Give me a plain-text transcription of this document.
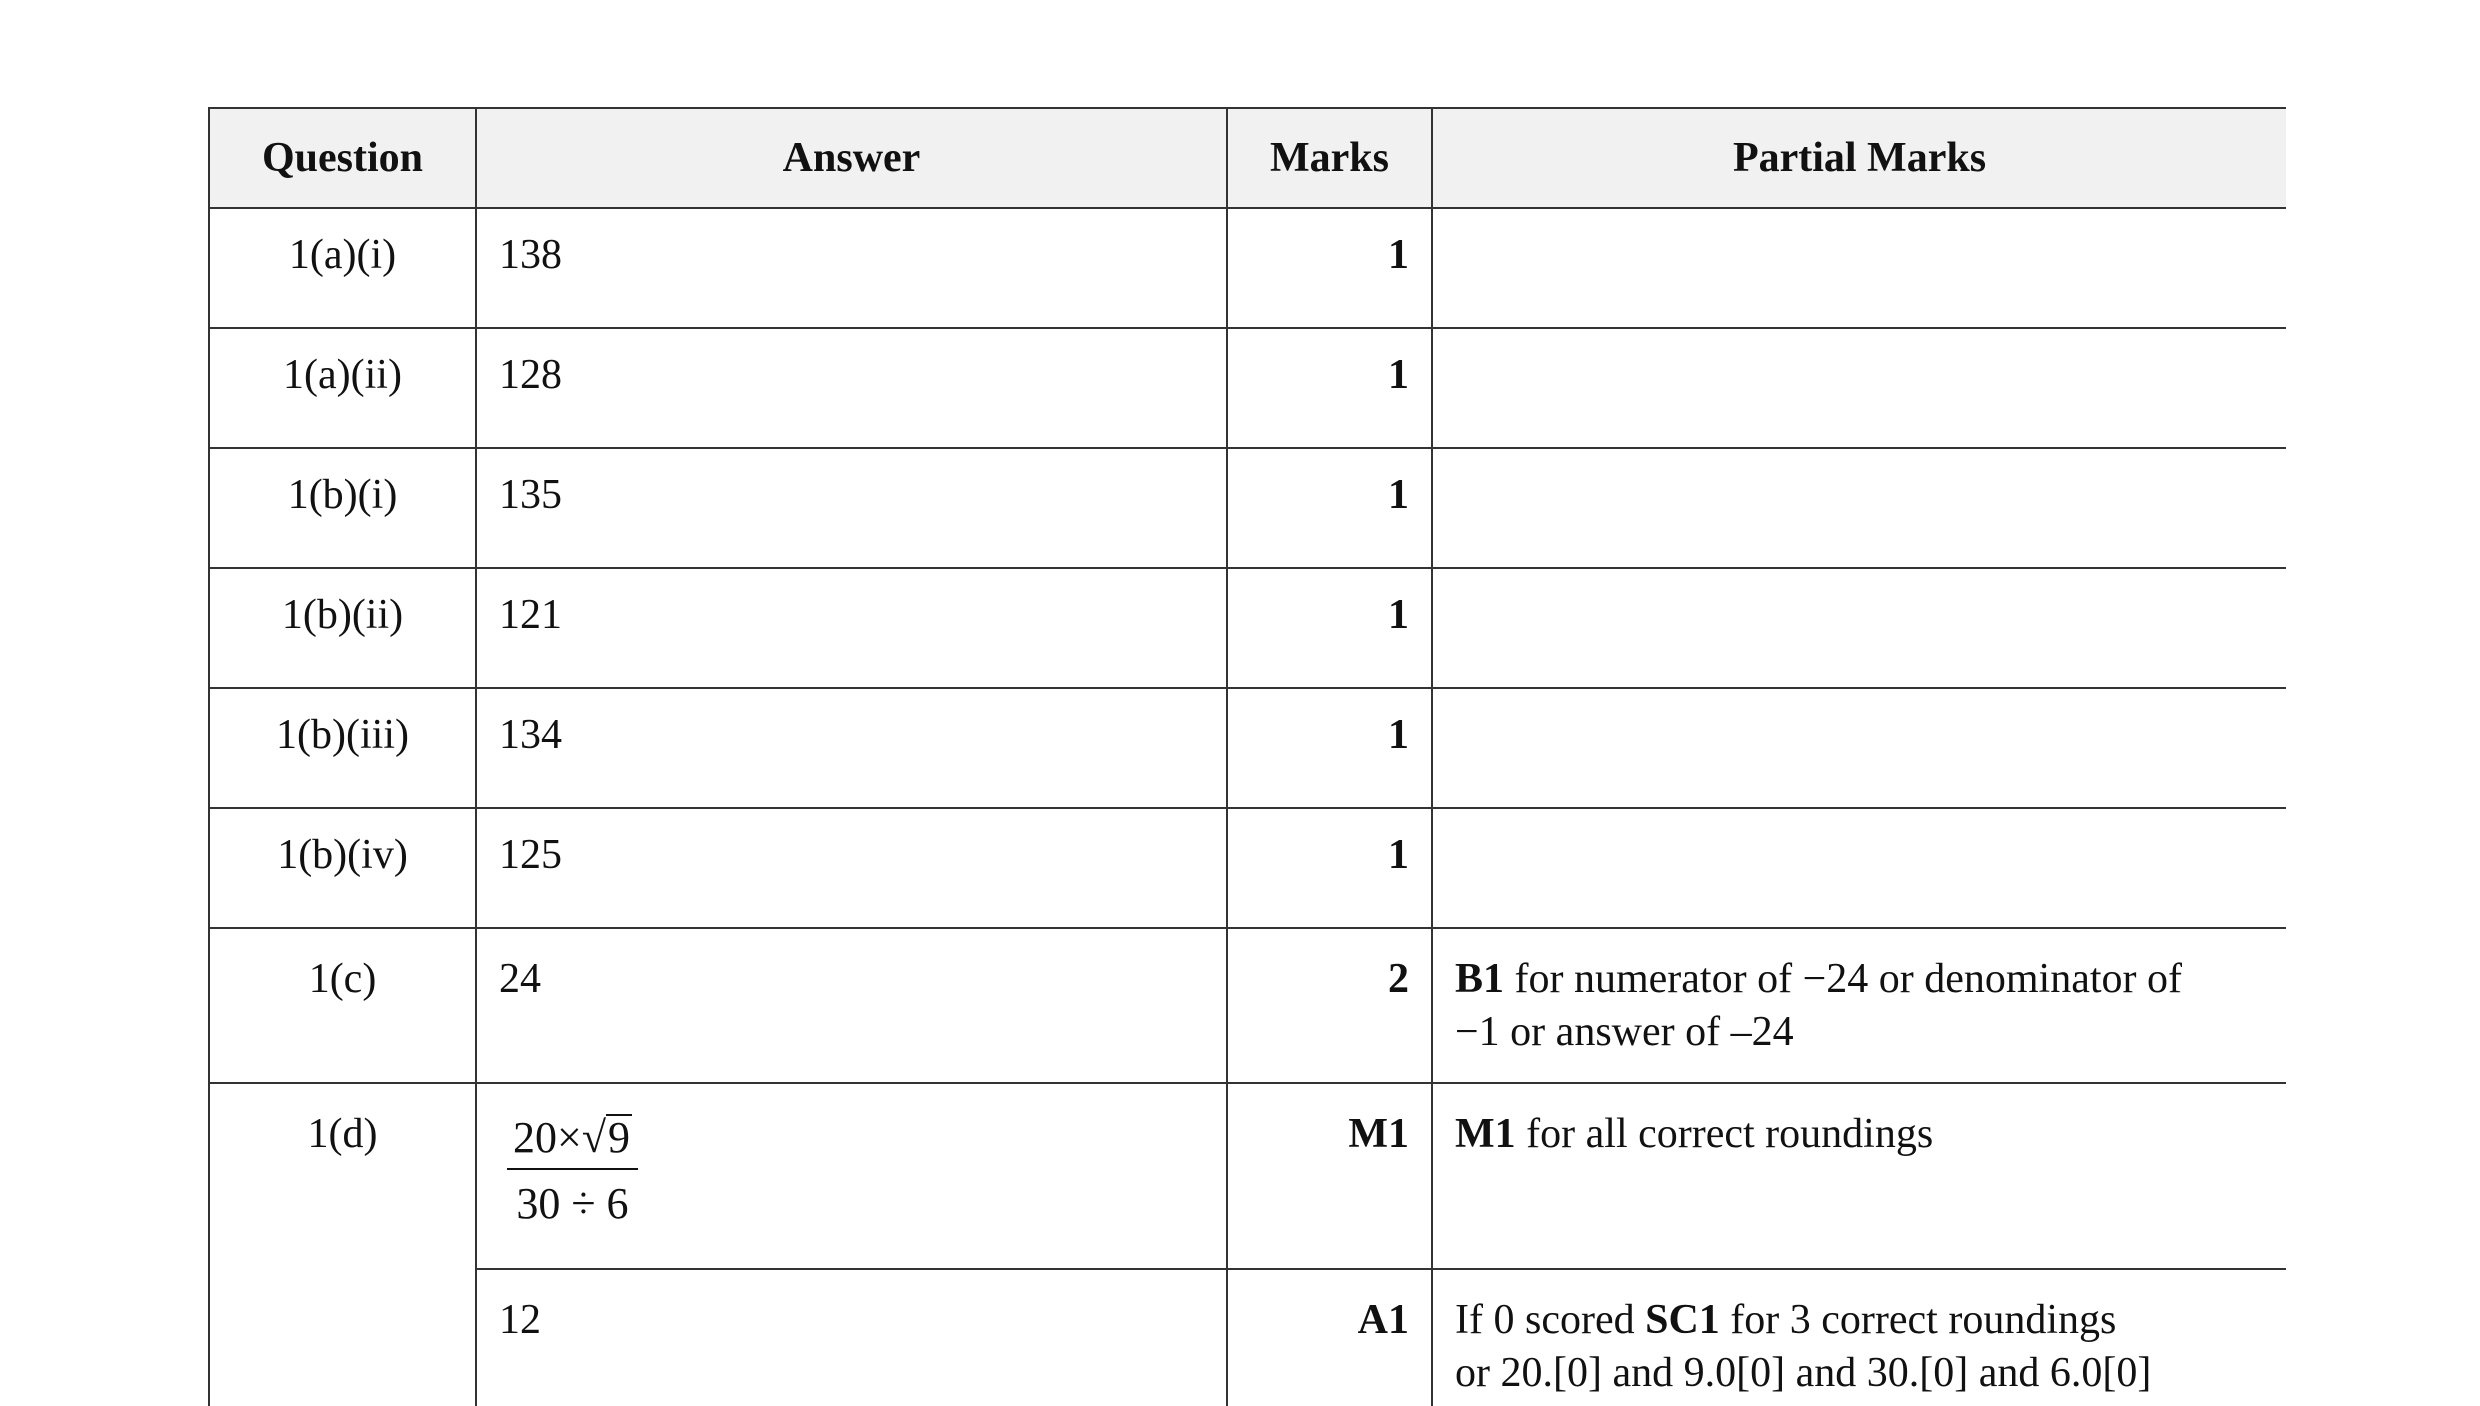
Question	Answer	Marks	Partial Marks
1(a)(i)	138	1	
1(a)(ii)	128	1	
1(b)(i)	135	1	
1(b)(ii)	121	1	
1(b)(iii)	134	1	
1(b)(iv)	125	1	
1(c)	24	2	B1 for numerator of −24 or denominator of
−1 or answer of –24
1(d)	$\frac{20\times√9}{30 \div 6}$	M1	M1 for all correct roundings
	12	A1	If 0 scored SC1 for 3 correct roundings
or 20.[0] and 9.0[0] and 30.[0] and 6.0[0]
